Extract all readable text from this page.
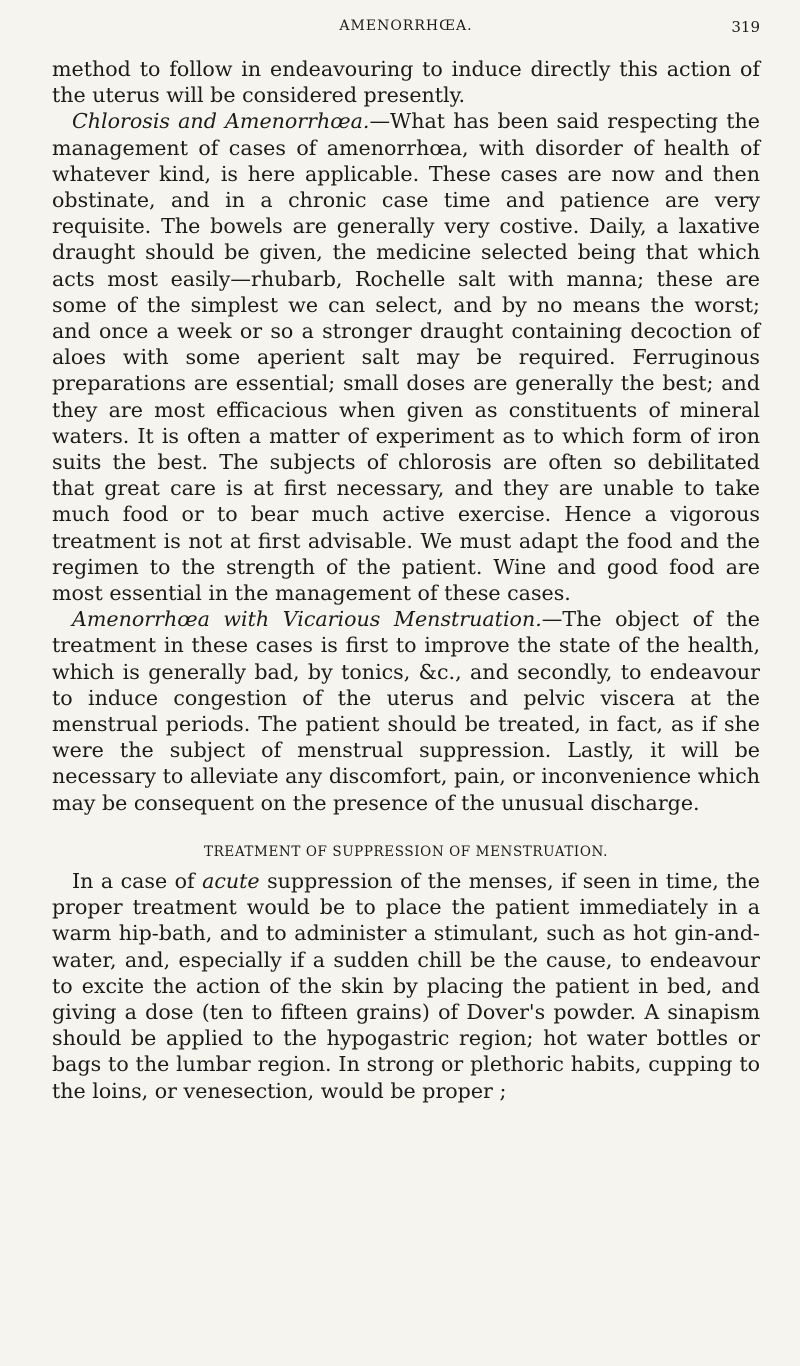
AMENORRHŒA.	319

method to follow in endeavouring to induce directly this action of the uterus will be considered presently.

Chlorosis and Amenorrhœa.—What has been said respecting the management of cases of amenorrhœa, with disorder of health of whatever kind, is here applicable. These cases are now and then obstinate, and in a chronic case time and patience are very requisite. The bowels are generally very costive. Daily, a laxative draught should be given, the medicine selected being that which acts most easily—rhubarb, Rochelle salt with manna; these are some of the simplest we can select, and by no means the worst; and once a week or so a stronger draught containing decoction of aloes with some aperient salt may be required. Ferruginous preparations are essential; small doses are generally the best; and they are most efficacious when given as constituents of mineral waters. It is often a matter of experiment as to which form of iron suits the best. The subjects of chlorosis are often so debilitated that great care is at first necessary, and they are unable to take much food or to bear much active exercise. Hence a vigorous treatment is not at first advisable. We must adapt the food and the regimen to the strength of the patient. Wine and good food are most essential in the management of these cases.

Amenorrhœa with Vicarious Menstruation.—The object of the treatment in these cases is first to improve the state of the health, which is generally bad, by tonics, &c., and secondly, to endeavour to induce congestion of the uterus and pelvic viscera at the menstrual periods. The patient should be treated, in fact, as if she were the subject of menstrual suppression. Lastly, it will be necessary to alleviate any discomfort, pain, or inconvenience which may be consequent on the presence of the unusual discharge.

TREATMENT OF SUPPRESSION OF MENSTRUATION.

In a case of acute suppression of the menses, if seen in time, the proper treatment would be to place the patient immediately in a warm hip-bath, and to administer a stimulant, such as hot gin-and-water, and, especially if a sudden chill be the cause, to endeavour to excite the action of the skin by placing the patient in bed, and giving a dose (ten to fifteen grains) of Dover's powder. A sinapism should be applied to the hypogastric region; hot water bottles or bags to the lumbar region. In strong or plethoric habits, cupping to the loins, or venesection, would be proper ;
